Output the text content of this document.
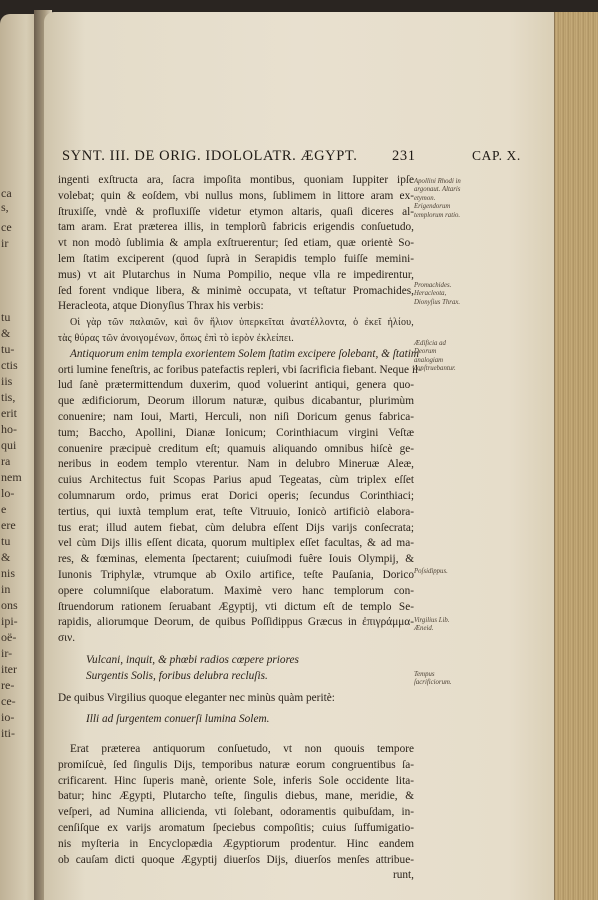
ca
s,
ce
ir
tu
&
tu-
ctis
iis
tis,
erit
ho-
qui
ra
nem
lo-
e
ere
tu
&
nis
in
ons
ipi-
oë-
ir-
iter
re-
ce-
io-
iti-
SYNT. III. DE ORIG. IDOLOLATR. ÆGYPT. 231	CAP. X.
ingenti exſtructa ara, ſacra impoſita montibus, quoniam Iuppiter ipſe
volebat; quin & eoſdem, vbi nullus mons, ſublimem in littore aram ex-
ſtruxiſſe, vndè & profluxiſſe videtur etymon altaris, quaſi diceres al-
tam aram. Erat præterea illis, in templorũ fabricis erigendis conſuetudo,
vt non modò ſublimia & ampla exſtruerentur; ſed etiam, quæ orientè So-
lem ſtatim exciperent (quod ſuprà in Serapidis templo fuiſſe memini-
mus) vt ait Plutarchus in Numa Pompilio, neque vlla re impedirentur,
ſed forent vndique libera, & minimè occupata, vt teſtatur Promachides,
Heracleota, atque Dionyſius Thrax his verbis:
Οἱ γὰρ τῶν παλαιῶν, καὶ ὃν ἥλιον ὑπερκεῖται ἀνατέλλοντα, ὁ ἐκεῖ ἡλίου,
τὰς θύρας τῶν ἀνοιγομένων, ὅπως ἐπὶ τὸ ἱερὸν ἐκλείπει.
Antiquorum enim templa exorientem Solem ſtatim excipere ſolebant, & ſtatim
orti lumine feneſtris, ac foribus patefactis repleri, vbi ſacrificia fiebant. Neque il-
lud ſanè prætermittendum duxerim, quod voluerint antiqui, genera quo-
que ædificiorum, Deorum illorum naturæ, quibus dicabantur, plurimùm
conuenire; nam Ioui, Marti, Herculi, non niſi Doricum genus fabrica-
tum; Baccho, Apollini, Dianæ Ionicum; Corinthiacum virgini Veſtæ
conuenire præcipuè creditum eſt; quamuis aliquando omnibus hiſcè ge-
neribus in eodem templo vterentur. Nam in delubro Mineruæ Aleæ,
cuius Architectus fuit Scopas Parius apud Tegeatas, cùm triplex eſſet
columnarum ordo, primus erat Dorici operis; ſecundus Corinthiaci;
tertius, qui iuxtà templum erat, teſte Vitruuio, Ionicò artificiò elabora-
tus erat; illud autem fiebat, cùm delubra eſſent Dijs varijs conſecrata;
vel cùm Dijs illis eſſent dicata, quorum multiplex eſſet facultas, & ad ma-
res, & fœminas, elementa ſpectarent; cuiuſmodi fuêre Iouis Olympij, &
Iunonis Triphylæ, vtrumque ab Oxilo artifice, teſte Pauſania, Dorico
opere columniſque elaboratum. Maximè vero hanc templorum con-
ſtruendorum rationem ſeruabant Ægyptij, vti dictum eſt de templo Se-
rapidis, aliorumque Deorum, de quibus Poſſidippus Græcus in ἐπιγράμμα-
σιν.
Vulcani, inquit, & phœbi radios cœpere priores
Surgentis Solis, foribus delubra recluſis.
De quibus Virgilius quoque eleganter nec minùs quàm peritè:
Illi ad ſurgentem conuerſi lumina Solem.
Erat præterea antiquorum conſuetudo, vt non quouis tempore
promiſcuè, ſed ſingulis Dijs, temporibus naturæ eorum congruentibus ſa-
crificarent. Hinc ſuperis manè, oriente Sole, inferis Sole occidente lita-
batur; hinc Ægypti, Plutarcho teſte, ſingulis diebus, mane, meridie, &
veſperi, ad Numina allicienda, vti ſolebant, odoramentis quibuſdam, in-
cenſiſque ex varijs aromatum ſpeciebus compoſitis; cuius ſuffumigatio-
nis myſteria in Encyclopædia Ægyptiorum prodentur. Hinc eandem
ob cauſam dicti quoque Ægyptij diuerſos Dijs, diuerſos menſes attribue-
runt,
Apollini Rhodi in argonaut. Altaris etymon. Erigendorum templorum ratio.
Promachides. Heracleota, Dionyſius Thrax.
Ædificia ad Deorum analogiam conſtruebantur.
Poſsidippus.
Virgilius Lib. Æneid.
Tempus ſacrificiorum.
